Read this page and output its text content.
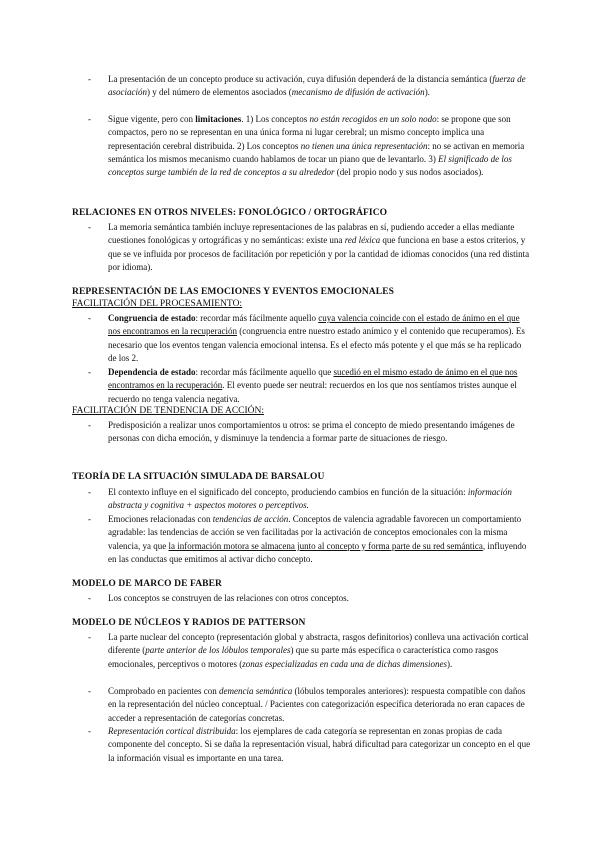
- La presentación de un concepto produce su activación, cuya difusión dependerá de la distancia semántica (fuerza de asociación) y del número de elementos asociados (mecanismo de difusión de activación).
- Sigue vigente, pero con limitaciones. 1) Los conceptos no están recogidos en un solo nodo: se propone que son compactos, pero no se representan en una única forma ni lugar cerebral; un mismo concepto implica una representación cerebral distribuida. 2) Los conceptos no tienen una única representación: no se activan en memoria semántica los mismos mecanismo cuando hablamos de tocar un piano que de levantarlo. 3) El significado de los conceptos surge también de la red de conceptos a su alrededor (del propio nodo y sus nodos asociados).
RELACIONES EN OTROS NIVELES: FONOLÓGICO / ORTOGRÁFICO
- La memoria semántica también incluye representaciones de las palabras en sí, pudiendo acceder a ellas mediante cuestiones fonológicas y ortográficas y no semánticas: existe una red léxica que funciona en base a estos criterios, y que se ve influida por procesos de facilitación por repetición y por la cantidad de idiomas conocidos (una red distinta por idioma).
REPRESENTACIÓN DE LAS EMOCIONES Y EVENTOS EMOCIONALES
FACILITACIÓN DEL PROCESAMIENTO:
- Congruencia de estado: recordar más fácilmente aquello cuya valencia coincide con el estado de ánimo en el que nos encontramos en la recuperación (congruencia entre nuestro estado anímico y el contenido que recuperamos). Es necesario que los eventos tengan valencia emocional intensa. Es el efecto más potente y el que más se ha replicado de los 2.
- Dependencia de estado: recordar más fácilmente aquello que sucedió en el mismo estado de ánimo en el que nos encontramos en la recuperación. El evento puede ser neutral: recuerdos en los que nos sentíamos tristes aunque el recuerdo no tenga valencia negativa.
FACILITACIÓN DE TENDENCIA DE ACCIÓN:
- Predisposición a realizar unos comportamientos u otros: se prima el concepto de miedo presentando imágenes de personas con dicha emoción, y disminuye la tendencia a formar parte de situaciones de riesgo.
TEORÍA DE LA SITUACIÓN SIMULADA DE BARSALOU
- El contexto influye en el significado del concepto, produciendo cambios en función de la situación: información abstracta y cognitiva + aspectos motores o perceptivos.
- Emociones relacionadas con tendencias de acción. Conceptos de valencia agradable favorecen un comportamiento agradable: las tendencias de acción se ven facilitadas por la activación de conceptos emocionales con la misma valencia, ya que la información motora se almacena junto al concepto y forma parte de su red semántica, influyendo en las conductas que emitimos al activar dicho concepto.
MODELO DE MARCO DE FABER
- Los conceptos se construyen de las relaciones con otros conceptos.
MODELO DE NÚCLEOS Y RADIOS DE PATTERSON
- La parte nuclear del concepto (representación global y abstracta, rasgos definitorios) conlleva una activación cortical diferente (parte anterior de los lóbulos temporales) que su parte más específica o característica como rasgos emocionales, perceptivos o motores (zonas especializadas en cada una de dichas dimensiones).
- Comprobado en pacientes con demencia semántica (lóbulos temporales anteriores): respuesta compatible con daños en la representación del núcleo conceptual. / Pacientes con categorización específica deteriorada no eran capaces de acceder a representación de categorías concretas.
- Representación cortical distribuida: los ejemplares de cada categoría se representan en zonas propias de cada componente del concepto. Si se daña la representación visual, habrá dificultad para categorizar un concepto en el que la información visual es importante en una tarea.
